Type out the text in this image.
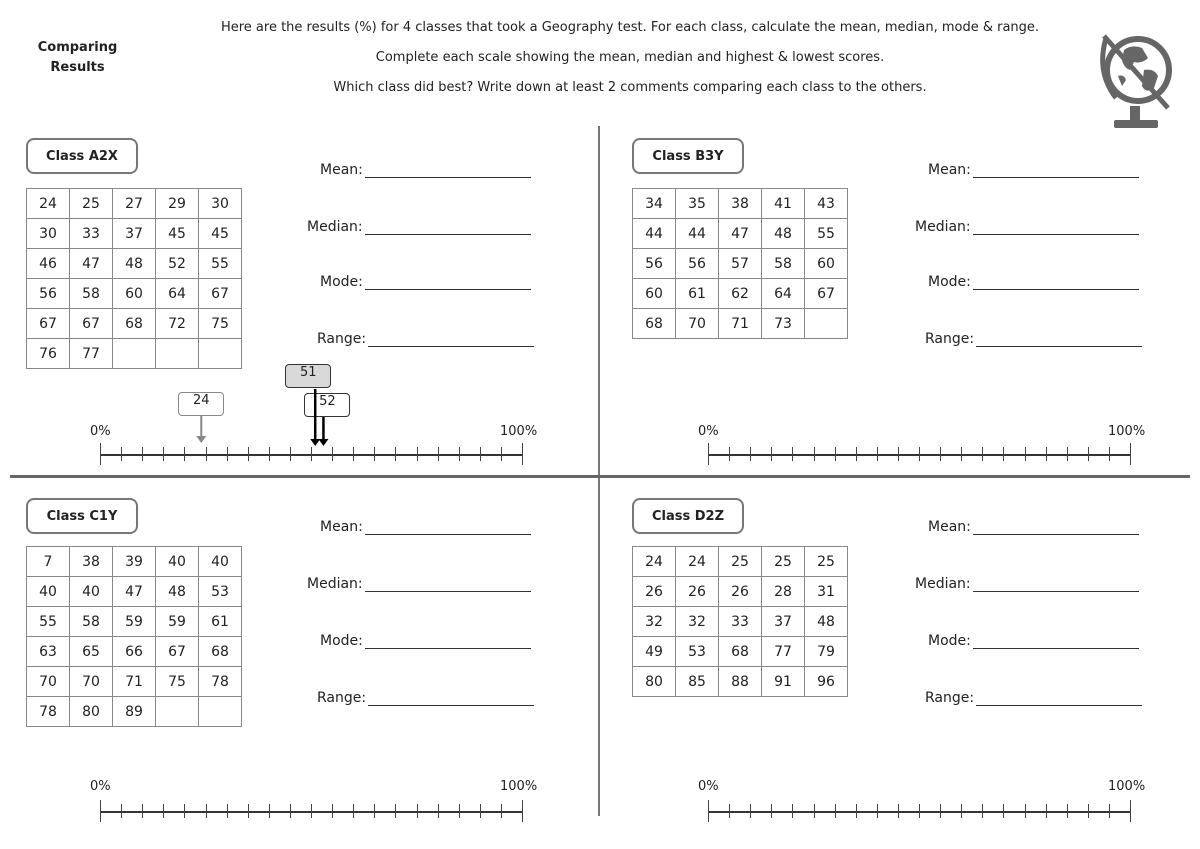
Comparing
Results
Here are the results (%) for 4 classes that took a Geography test. For each class, calculate the mean, median, mode & range.
Complete each scale showing the mean, median and highest & lowest scores.
Which class did best? Write down at least 2 comments comparing each class to the others.
Class A2X
24	25	27	29	30
30	33	37	45	45
46	47	48	52	55
56	58	60	64	67
67	67	68	72	75
76	77			
Mean:
Median:
Mode:
Range:
0%	100%
24
51
52
Class B3Y
34	35	38	41	43
44	44	47	48	55
56	56	57	58	60
60	61	62	64	67
68	70	71	73	
Mean:
Median:
Mode:
Range:
0%	100%
Class C1Y
7	38	39	40	40
40	40	47	48	53
55	58	59	59	61
63	65	66	67	68
70	70	71	75	78
78	80	89		
Mean:
Median:
Mode:
Range:
0%	100%
Class D2Z
24	24	25	25	25
26	26	26	28	31
32	32	33	37	48
49	53	68	77	79
80	85	88	91	96
Mean:
Median:
Mode:
Range:
0%	100%
